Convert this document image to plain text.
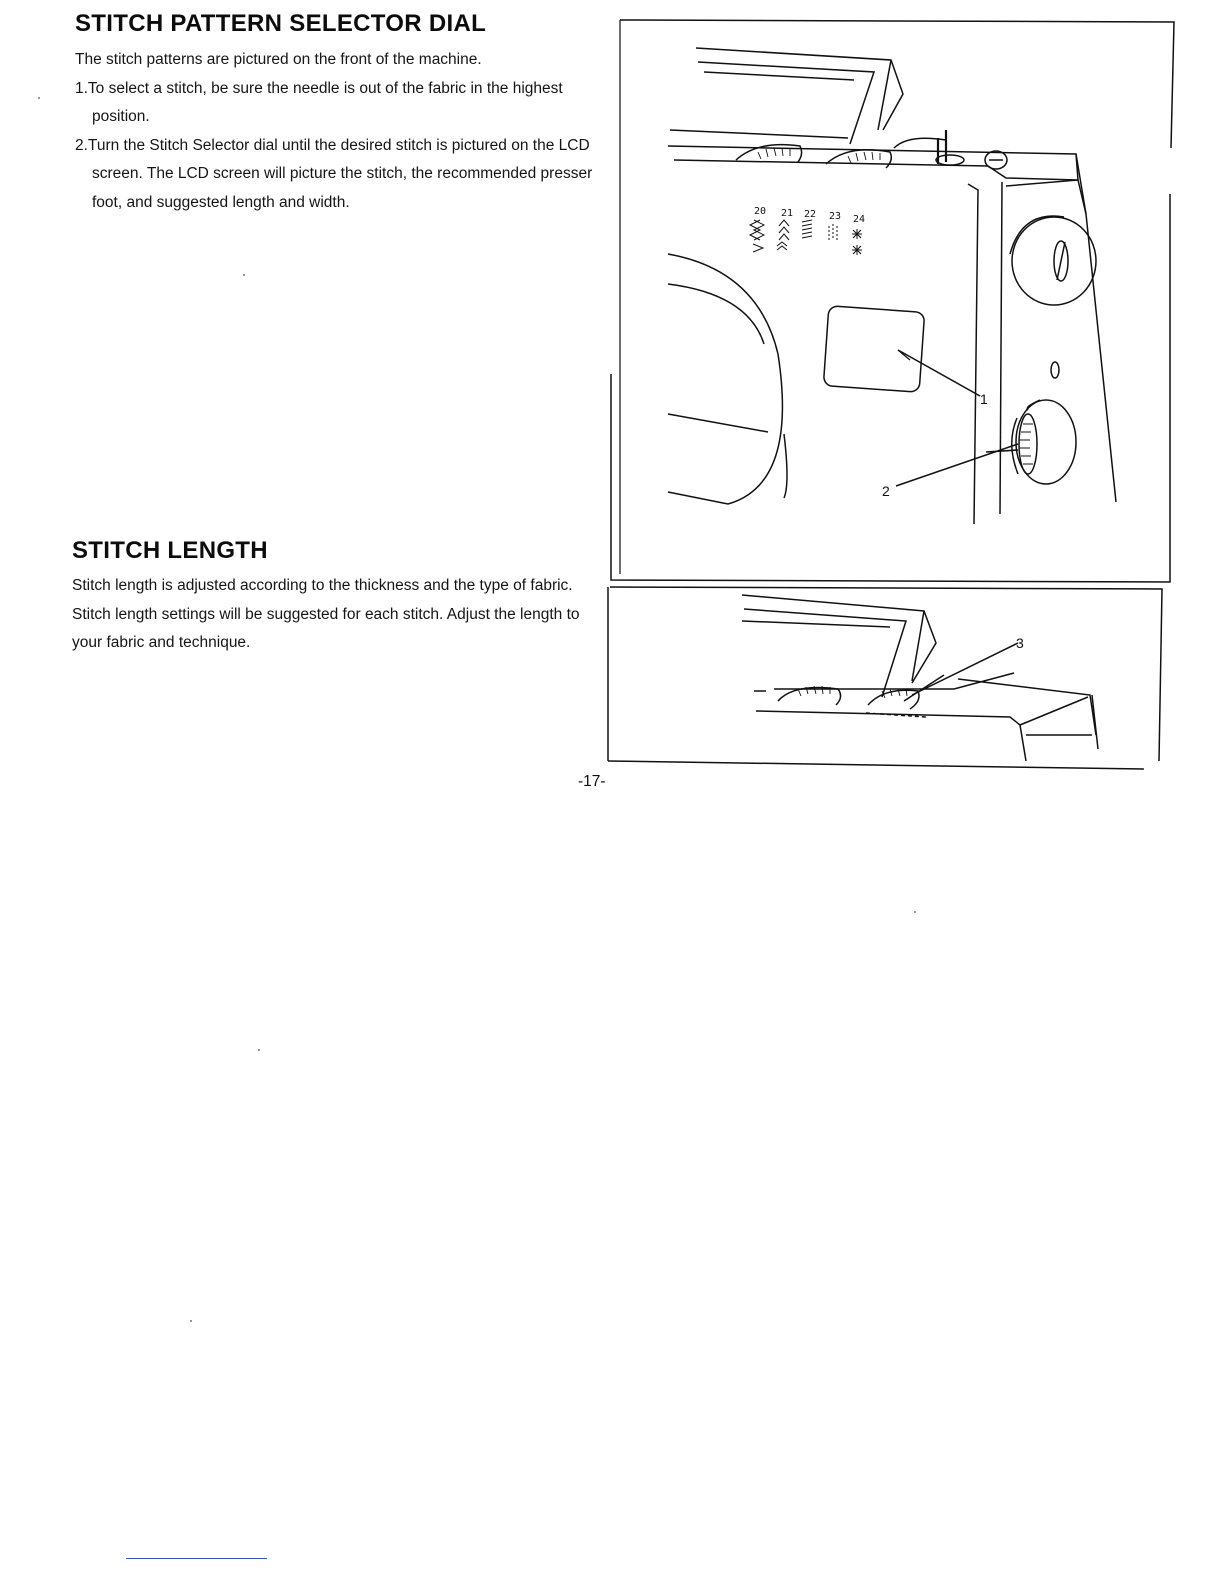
STITCH PATTERN SELECTOR DIAL

The stitch patterns are pictured on the front of the machine.

1.To select a stitch, be sure the needle is out of the fabric in the highest position.

2.Turn the Stitch Selector dial until the desired stitch is pictured on the LCD screen. The LCD screen will picture the stitch, the recommended presser foot, and suggested length and width.

STITCH LENGTH

Stitch length is adjusted according to the thickness and the type of fabric. Stitch length settings will be suggested for each stitch. Adjust the length to your fabric and technique.

20 21 22 23 24
1
2
3

-17-
